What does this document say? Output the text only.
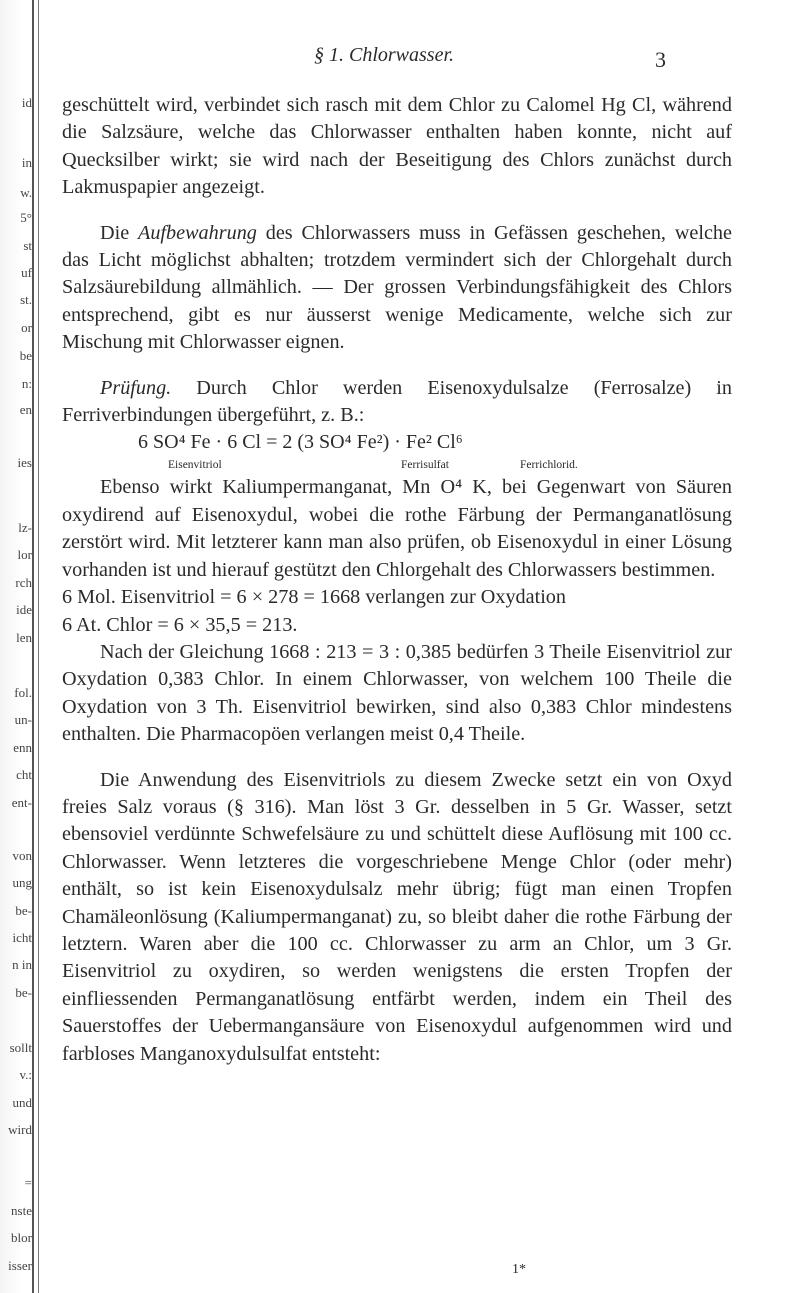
id
in
w.
5°
st
uf
st.
or
be
n:
en
ies
lz-
lor
rch
ide
len
fol.
un-
enn
cht
ent-
von
ung
be-
icht
n in
be-
sollt
v.:
und
wird
=
nste
blor
isser
§ 1. Chlorwasser.	3

geschüttelt wird, verbindet sich rasch mit dem Chlor zu Calomel Hg Cl, während die Salzsäure, welche das Chlorwasser enthalten haben konnte, nicht auf Quecksilber wirkt; sie wird nach der Beseitigung des Chlors zunächst durch Lakmuspapier angezeigt.

Die Aufbewahrung des Chlorwassers muss in Gefässen geschehen, welche das Licht möglichst abhalten; trotzdem vermindert sich der Chlorgehalt durch Salzsäurebildung allmählich. — Der grossen Verbindungsfähigkeit des Chlors entsprechend, gibt es nur äusserst wenige Medicamente, welche sich zur Mischung mit Chlorwasser eignen.

Prüfung. Durch Chlor werden Eisenoxydulsalze (Ferrosalze) in Ferriverbindungen übergeführt, z. B.:

6 SO⁴ Fe · 6 Cl = 2 (3 SO⁴ Fe²) · Fe² Cl⁶
Eisenvitriol	Ferrisulfat	Ferrichlorid.

Ebenso wirkt Kaliumpermanganat, Mn O⁴ K, bei Gegenwart von Säuren oxydirend auf Eisenoxydul, wobei die rothe Färbung der Permanganatlösung zerstört wird. Mit letzterer kann man also prüfen, ob Eisenoxydul in einer Lösung vorhanden ist und hierauf gestützt den Chlorgehalt des Chlorwassers bestimmen.

6 Mol. Eisenvitriol = 6 × 278 = 1668 verlangen zur Oxydation
6 At. Chlor = 6 × 35,5 = 213.

Nach der Gleichung 1668 : 213 = 3 : 0,385 bedürfen 3 Theile Eisenvitriol zur Oxydation 0,383 Chlor. In einem Chlorwasser, von welchem 100 Theile die Oxydation von 3 Th. Eisenvitriol bewirken, sind also 0,383 Chlor mindestens enthalten. Die Pharmacopöen verlangen meist 0,4 Theile.

Die Anwendung des Eisenvitriols zu diesem Zwecke setzt ein von Oxyd freies Salz voraus (§ 316). Man löst 3 Gr. desselben in 5 Gr. Wasser, setzt ebensoviel verdünnte Schwefelsäure zu und schüttelt diese Auflösung mit 100 cc. Chlorwasser. Wenn letzteres die vorgeschriebene Menge Chlor (oder mehr) enthält, so ist kein Eisenoxydulsalz mehr übrig; fügt man einen Tropfen Chamäleonlösung (Kaliumpermanganat) zu, so bleibt daher die rothe Färbung der letztern. Waren aber die 100 cc. Chlorwasser zu arm an Chlor, um 3 Gr. Eisenvitriol zu oxydiren, so werden wenigstens die ersten Tropfen der einfliessenden Permanganatlösung entfärbt werden, indem ein Theil des Sauerstoffes der Uebermangansäure von Eisenoxydul aufgenommen wird und farbloses Manganoxydulsulfat entsteht:

1*
